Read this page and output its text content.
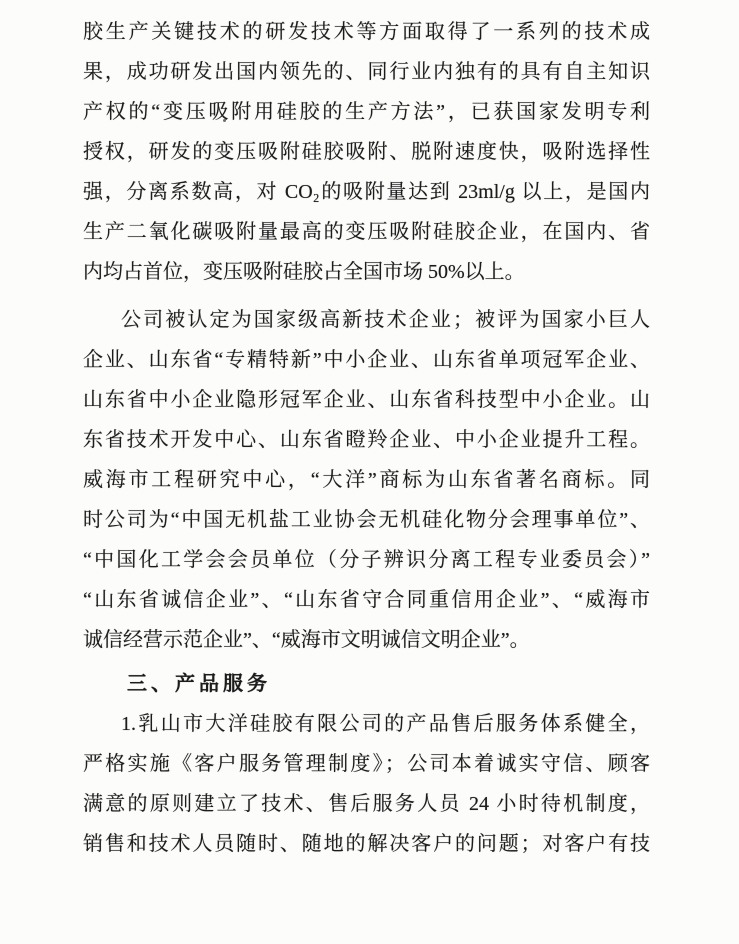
胶生产关键技术的研发技术等方面取得了一系列的技术成
果，成功研发出国内领先的、同行业内独有的具有自主知识
产权的“变压吸附用硅胶的生产方法”，已获国家发明专利
授权，研发的变压吸附硅胶吸附、脱附速度快，吸附选择性
强，分离系数高，对 CO₂的吸附量达到 23ml/g 以上，是国内
生产二氧化碳吸附量最高的变压吸附硅胶企业，在国内、省
内均占首位，变压吸附硅胶占全国市场 50%以上。
公司被认定为国家级高新技术企业；被评为国家小巨人
企业、山东省“专精特新”中小企业、山东省单项冠军企业、
山东省中小企业隐形冠军企业、山东省科技型中小企业。山
东省技术开发中心、山东省瞪羚企业、中小企业提升工程。
威海市工程研究中心，“大洋”商标为山东省著名商标。同
时公司为“中国无机盐工业协会无机硅化物分会理事单位”、
“中国化工学会会员单位（分子辨识分离工程专业委员会）”
“山东省诚信企业”、“山东省守合同重信用企业”、“威海市
诚信经营示范企业”、“威海市文明诚信文明企业”。
三、产品服务
1.乳山市大洋硅胶有限公司的产品售后服务体系健全，
严格实施《客户服务管理制度》；公司本着诚实守信、顾客
满意的原则建立了技术、售后服务人员 24 小时待机制度，
销售和技术人员随时、随地的解决客户的问题；对客户有技
